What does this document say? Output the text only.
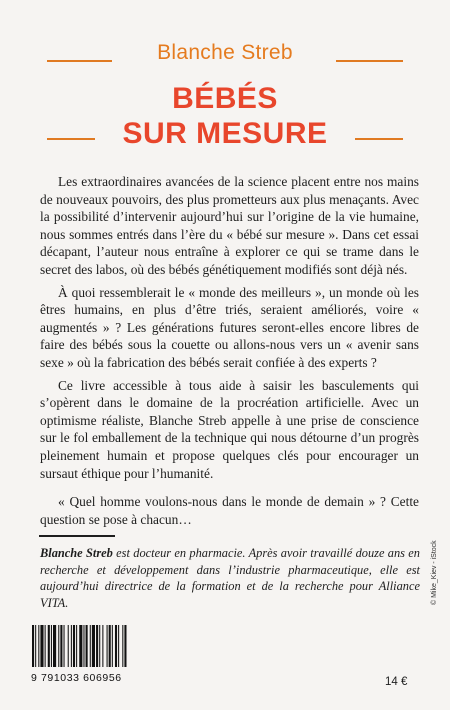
Blanche Streb
BÉBÉS
SUR MESURE

Les extraordinaires avancées de la science placent entre nos mains de nouveaux pouvoirs, des plus prometteurs aux plus menaçants. Avec la possibilité d’intervenir aujourd’hui sur l’origine de la vie humaine, nous sommes entrés dans l’ère du « bébé sur mesure ». Dans cet essai décapant, l’auteur nous entraîne à explorer ce qui se trame dans le secret des labos, où des bébés génétiquement modifiés sont déjà nés.

À quoi ressemblerait le « monde des meilleurs », un monde où les êtres humains, en plus d’être triés, seraient améliorés, voire « augmentés » ? Les générations futures seront-elles encore libres de faire des bébés sous la couette ou allons-nous vers un « avenir sans sexe » où la fabrication des bébés serait confiée à des experts ?

Ce livre accessible à tous aide à saisir les basculements qui s’opèrent dans le domaine de la procréation artificielle. Avec un optimisme réaliste, Blanche Streb appelle à une prise de conscience sur le fol emballement de la technique qui nous détourne d’un progrès pleinement humain et propose quelques clés pour encourager un sursaut éthique pour l’humanité.

« Quel homme voulons-nous dans le monde de demain » ? Cette question se pose à chacun…

Blanche Streb est docteur en pharmacie. Après avoir travaillé douze ans en recherche et développement dans l’industrie pharmaceutique, elle est aujourd’hui directrice de la formation et de la recherche pour Alliance VITA.	© Mike_Kiev - iStock
9 791033 606956	14 €
